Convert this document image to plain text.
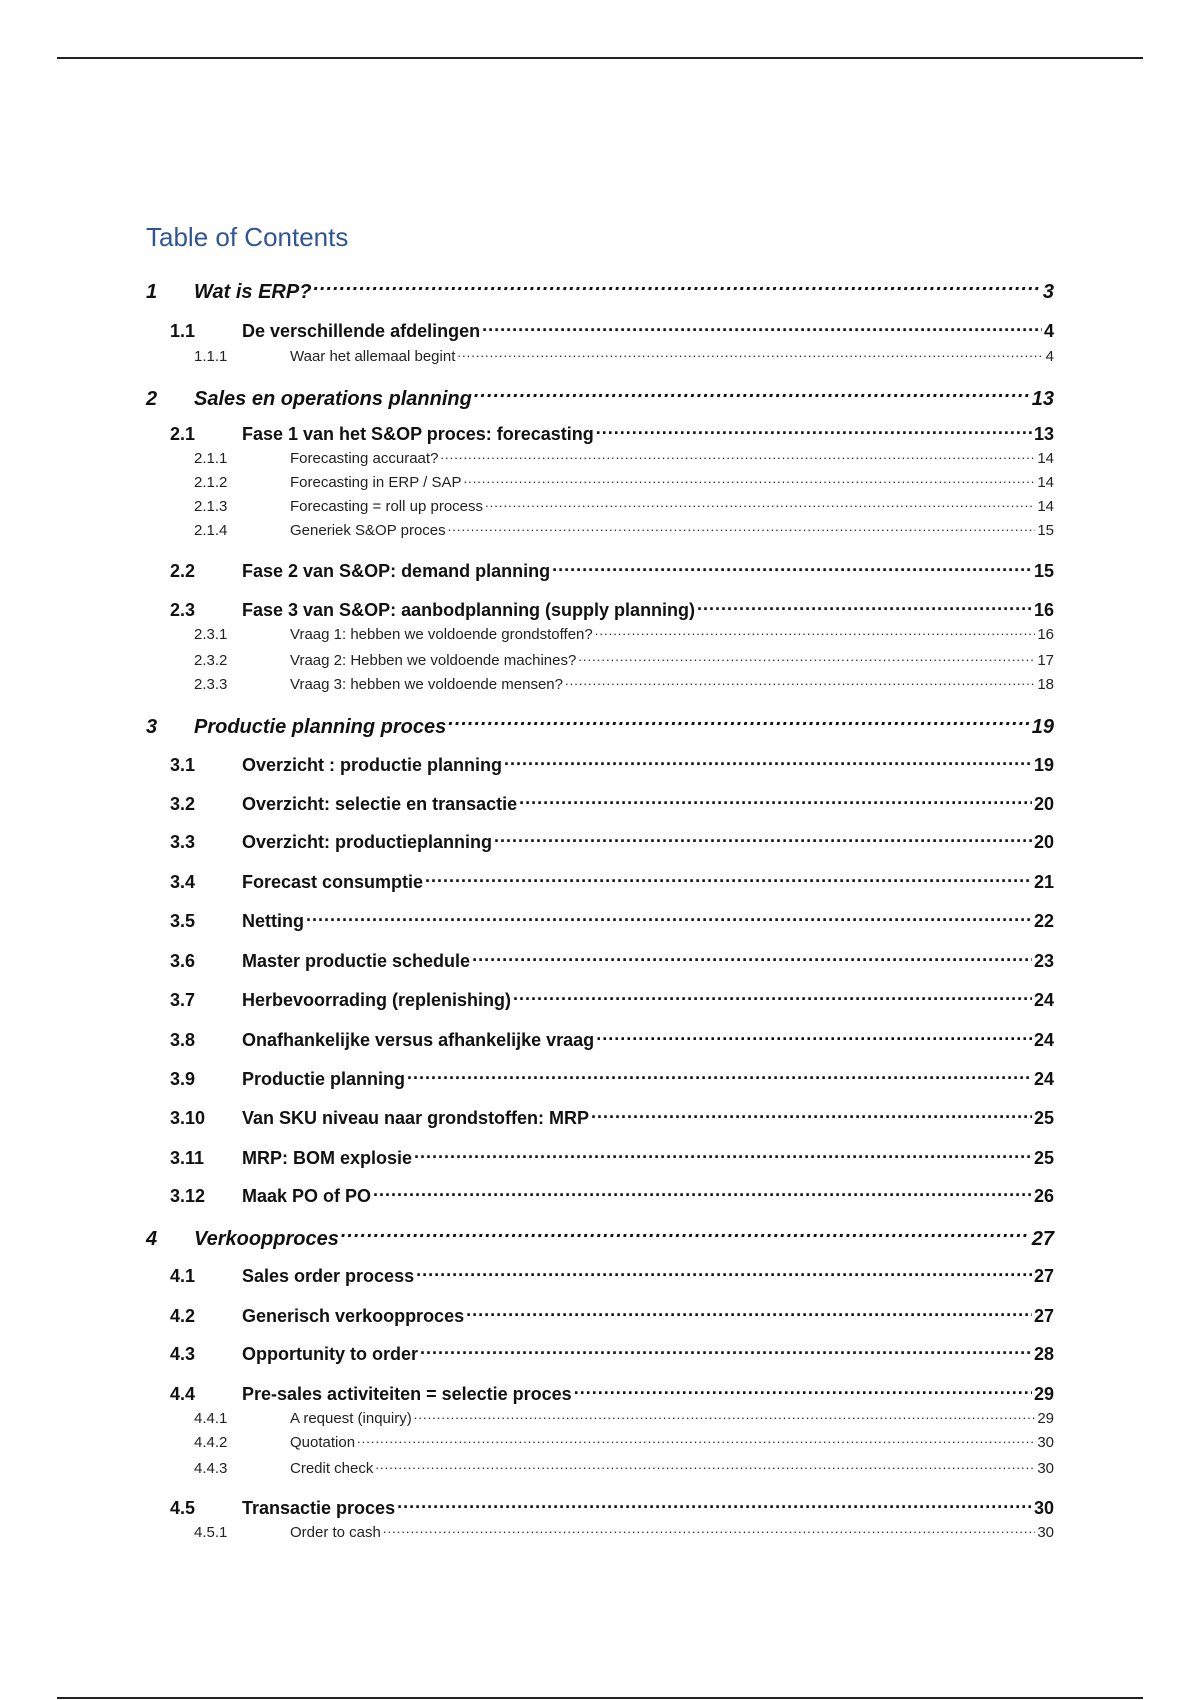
Table of Contents
1	Wat is ERP? .....	3
1.1	De verschillende afdelingen .....	4
1.1.1	Waar het allemaal begint .....	4
2	Sales en operations planning .....	13
2.1	Fase 1 van het S&OP proces: forecasting .....	13
2.1.1	Forecasting accuraat? .....	14
2.1.2	Forecasting in ERP / SAP .....	14
2.1.3	Forecasting = roll up process .....	14
2.1.4	Generiek S&OP proces .....	15
2.2	Fase 2 van S&OP: demand planning .....	15
2.3	Fase 3 van S&OP: aanbodplanning (supply planning) .....	16
2.3.1	Vraag 1: hebben we voldoende grondstoffen? .....	16
2.3.2	Vraag 2: Hebben we voldoende machines? .....	17
2.3.3	Vraag 3: hebben we voldoende mensen? .....	18
3	Productie planning proces .....	19
3.1	Overzicht : productie planning .....	19
3.2	Overzicht: selectie en transactie .....	20
3.3	Overzicht: productieplanning .....	20
3.4	Forecast consumptie .....	21
3.5	Netting .....	22
3.6	Master productie schedule .....	23
3.7	Herbevoorrading (replenishing) .....	24
3.8	Onafhankelijke versus afhankelijke vraag .....	24
3.9	Productie planning .....	24
3.10	Van SKU niveau naar grondstoffen: MRP .....	25
3.11	MRP: BOM explosie .....	25
3.12	Maak PO of PO .....	26
4	Verkoopproces .....	27
4.1	Sales order process .....	27
4.2	Generisch verkoopproces .....	27
4.3	Opportunity to order .....	28
4.4	Pre-sales activiteiten = selectie proces .....	29
4.4.1	A request (inquiry) .....	29
4.4.2	Quotation .....	30
4.4.3	Credit check .....	30
4.5	Transactie proces .....	30
4.5.1	Order to cash .....	30
